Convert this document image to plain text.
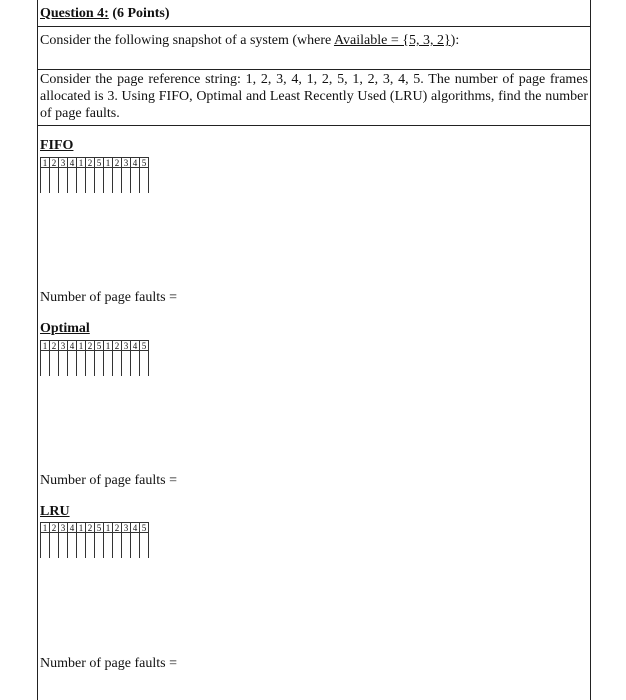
Question 4: (6 Points)
Consider the following snapshot of a system (where Available = {5, 3, 2}):
Consider the page reference string: 1, 2, 3, 4, 1, 2, 5, 1, 2, 3, 4, 5. The number of page frames allocated is 3. Using FIFO, Optimal and Least Recently Used (LRU) algorithms, find the number of page faults.
FIFO
1 2 3 4 1 2 5 1 2 3 4 5
Number of page faults =
Optimal
1 2 3 4 1 2 5 1 2 3 4 5
Number of page faults =
LRU
1 2 3 4 1 2 5 1 2 3 4 5
Number of page faults =
